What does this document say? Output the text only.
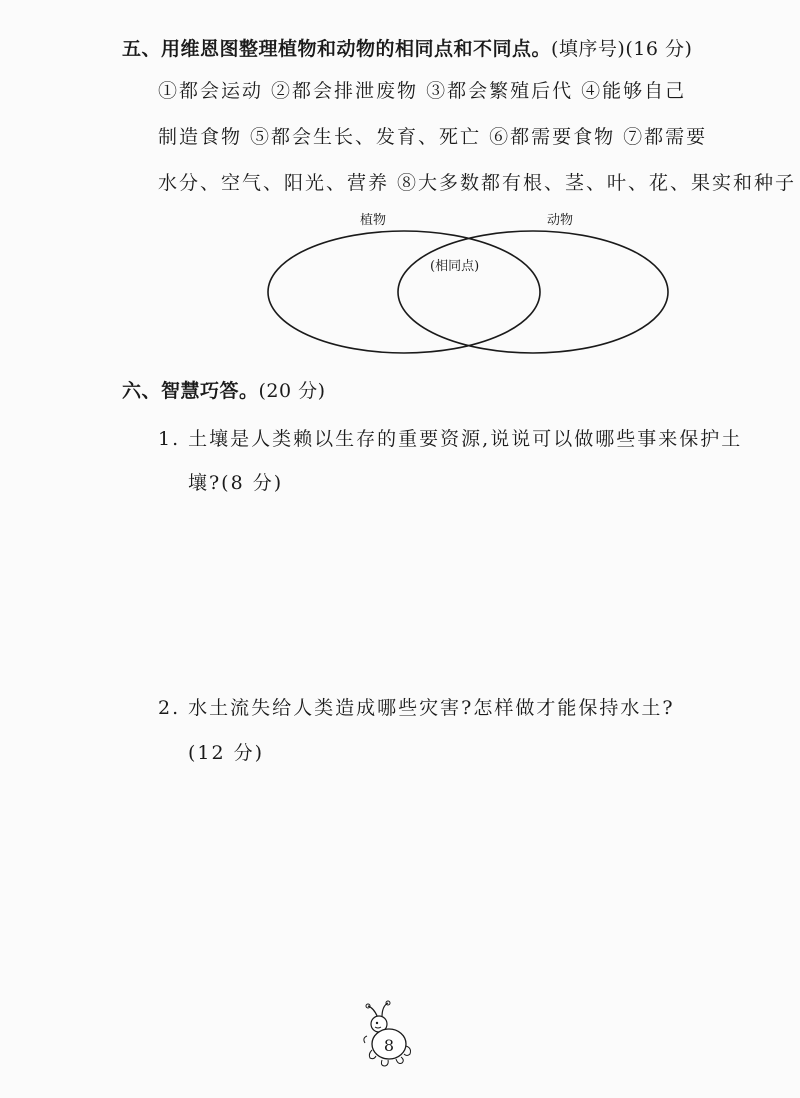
五、用维恩图整理植物和动物的相同点和不同点。(填序号)(16 分)
①都会运动 ②都会排泄废物 ③都会繁殖后代 ④能够自己
制造食物 ⑤都会生长、发育、死亡 ⑥都需要食物 ⑦都需要
水分、空气、阳光、营养 ⑧大多数都有根、茎、叶、花、果实和种子
植物	动物
(相同点)
六、智慧巧答。(20 分)
1. 土壤是人类赖以生存的重要资源,说说可以做哪些事来保护土
壤?(8 分)
2. 水土流失给人类造成哪些灾害?怎样做才能保持水土?
(12 分)
8
